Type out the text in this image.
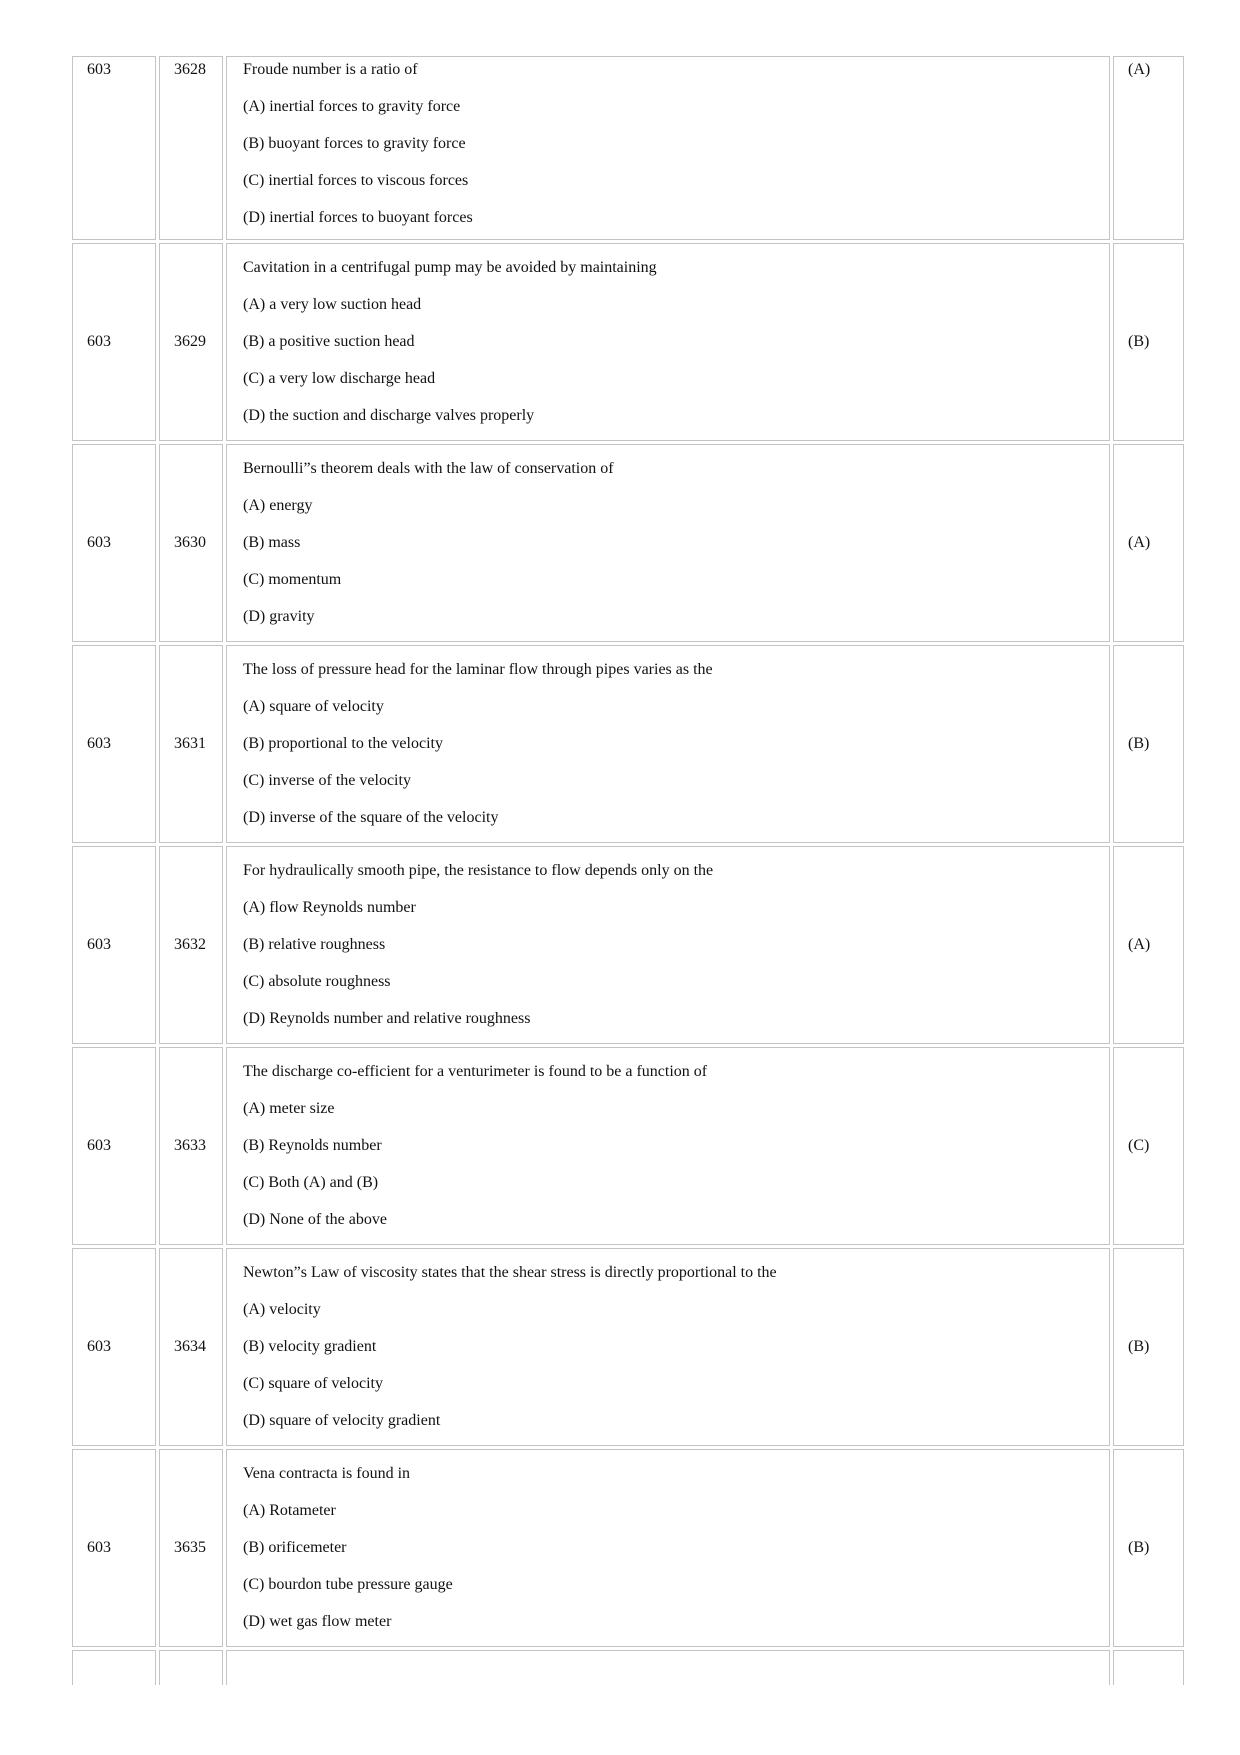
603	3628	Froude number is a ratio of
(A) inertial forces to gravity force
(B) buoyant forces to gravity force
(C) inertial forces to viscous forces
(D) inertial forces to buoyant forces	(A)
603	3629	Cavitation in a centrifugal pump may be avoided by maintaining
(A) a very low suction head
(B) a positive suction head
(C) a very low discharge head
(D) the suction and discharge valves properly	(B)
603	3630	Bernoulli”s theorem deals with the law of conservation of
(A) energy
(B) mass
(C) momentum
(D) gravity	(A)
603	3631	The loss of pressure head for the laminar flow through pipes varies as the
(A) square of velocity
(B) proportional to the velocity
(C) inverse of the velocity
(D) inverse of the square of the velocity	(B)
603	3632	For hydraulically smooth pipe, the resistance to flow depends only on the
(A) flow Reynolds number
(B) relative roughness
(C) absolute roughness
(D) Reynolds number and relative roughness	(A)
603	3633	The discharge co-efficient for a venturimeter is found to be a function of
(A) meter size
(B) Reynolds number
(C) Both (A) and (B)
(D) None of the above	(C)
603	3634	Newton”s Law of viscosity states that the shear stress is directly proportional to the
(A) velocity
(B) velocity gradient
(C) square of velocity
(D) square of velocity gradient	(B)
603	3635	Vena contracta is found in
(A) Rotameter
(B) orificemeter
(C) bourdon tube pressure gauge
(D) wet gas flow meter	(B)
